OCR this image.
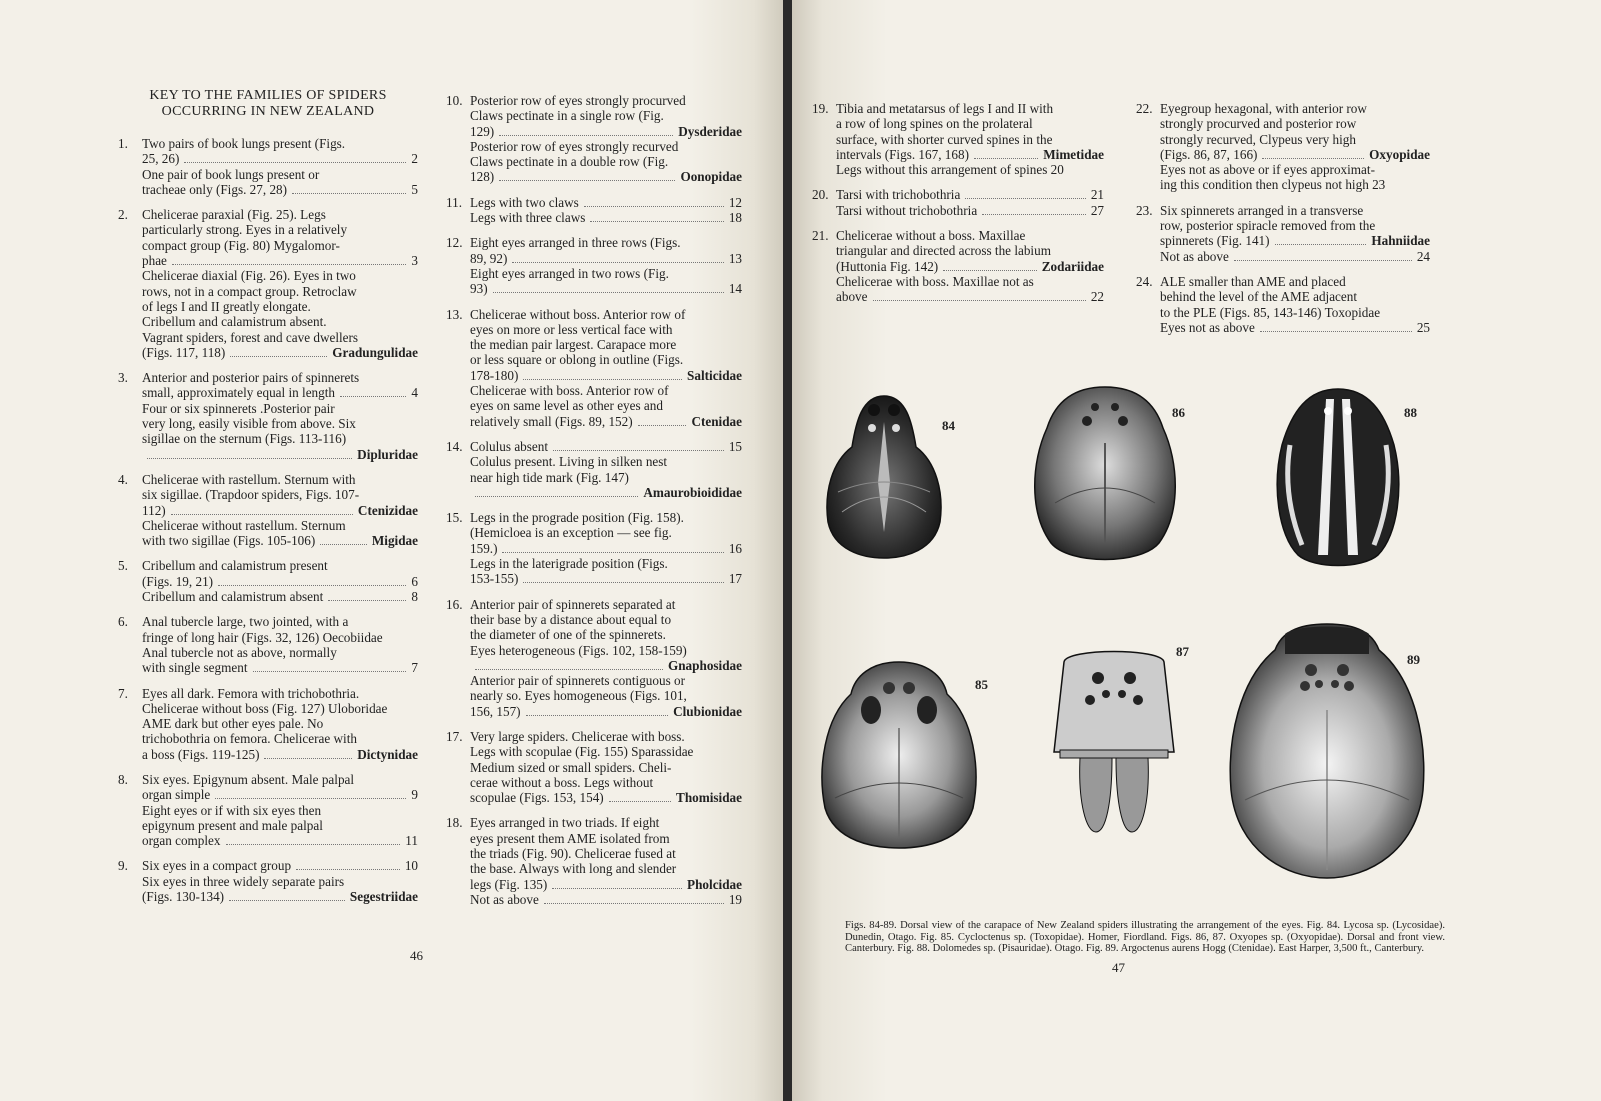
KEY TO THE FAMILIES OF SPIDERS
OCCURRING IN NEW ZEALAND
1. Two pairs of book lungs present (Figs.
25, 26)	2
One pair of book lungs present or
tracheae only (Figs. 27, 28)	5
2. Chelicerae paraxial (Fig. 25). Legs
particularly strong. Eyes in a relatively
compact group (Fig. 80) Mygalomor-
phae	3
Chelicerae diaxial (Fig. 26). Eyes in two
rows, not in a compact group. Retroclaw
of legs I and II greatly elongate.
Cribellum and calamistrum absent.
Vagrant spiders, forest and cave dwellers
(Figs. 117, 118)	Gradungulidae
3. Anterior and posterior pairs of spinnerets
small, approximately equal in length	4
Four or six spinnerets .Posterior pair
very long, easily visible from above. Six
sigillae on the sternum (Figs. 113-116)
Dipluridae
4. Chelicerae with rastellum. Sternum with
six sigillae. (Trapdoor spiders, Figs. 107-
112)	Ctenizidae
Chelicerae without rastellum. Sternum
with two sigillae (Figs. 105-106)	Migidae
5. Cribellum and calamistrum present
(Figs. 19, 21)	6
Cribellum and calamistrum absent	8
6. Anal tubercle large, two jointed, with a
fringe of long hair (Figs. 32, 126) Oecobiidae
Anal tubercle not as above, normally
with single segment	7
7. Eyes all dark. Femora with trichobothria.
Chelicerae without boss (Fig. 127) Uloboridae
AME dark but other eyes pale. No
trichobothria on femora. Chelicerae with
a boss (Figs. 119-125)	Dictynidae
8. Six eyes. Epigynum absent. Male palpal
organ simple	9
Eight eyes or if with six eyes then
epigynum present and male palpal
organ complex	11
9. Six eyes in a compact group	10
Six eyes in three widely separate pairs
(Figs. 130-134)	Segestriidae
10. Posterior row of eyes strongly procurved
Claws pectinate in a single row (Fig.
129)	Dysderidae
Posterior row of eyes strongly recurved
Claws pectinate in a double row (Fig.
128)	Oonopidae
11. Legs with two claws	12
Legs with three claws	18
12. Eight eyes arranged in three rows (Figs.
89, 92)	13
Eight eyes arranged in two rows (Fig.
93)	14
13. Chelicerae without boss. Anterior row of
eyes on more or less vertical face with
the median pair largest. Carapace more
or less square or oblong in outline (Figs.
178-180)	Salticidae
Chelicerae with boss. Anterior row of
eyes on same level as other eyes and
relatively small (Figs. 89, 152)	Ctenidae
14. Colulus absent	15
Colulus present. Living in silken nest
near high tide mark (Fig. 147)
Amaurobioididae
15. Legs in the prograde position (Fig. 158).
(Hemicloea is an exception — see fig.
159.)	16
Legs in the laterigrade position (Figs.
153-155)	17
16. Anterior pair of spinnerets separated at
their base by a distance about equal to
the diameter of one of the spinnerets.
Eyes heterogeneous (Figs. 102, 158-159)
Gnaphosidae
Anterior pair of spinnerets contiguous or
nearly so. Eyes homogeneous (Figs. 101,
156, 157)	Clubionidae
17. Very large spiders. Chelicerae with boss.
Legs with scopulae (Fig. 155) Sparassidae
Medium sized or small spiders. Cheli-
cerae without a boss. Legs without
scopulae (Figs. 153, 154)	Thomisidae
18. Eyes arranged in two triads. If eight
eyes present them AME isolated from
the triads (Fig. 90). Chelicerae fused at
the base. Always with long and slender
legs (Fig. 135)	Pholcidae
Not as above	19
46
19. Tibia and metatarsus of legs I and II with
a row of long spines on the prolateral
surface, with shorter curved spines in the
intervals (Figs. 167, 168)	Mimetidae
Legs without this arrangement of spines 20
20. Tarsi with trichobothria	21
Tarsi without trichobothria	27
21. Chelicerae without a boss. Maxillae
triangular and directed across the labium
(Huttonia Fig. 142)	Zodariidae
Chelicerae with boss. Maxillae not as
above	22
22. Eyegroup hexagonal, with anterior row
strongly procurved and posterior row
strongly recurved, Clypeus very high
(Figs. 86, 87, 166)	Oxyopidae
Eyes not as above or if eyes approximat-
ing this condition then clypeus not high 23
23. Six spinnerets arranged in a transverse
row, posterior spiracle removed from the
spinnerets (Fig. 141)	Hahniidae
Not as above	24
24. ALE smaller than AME and placed
behind the level of the AME adjacent
to the PLE (Figs. 85, 143-146) Toxopidae
Eyes not as above	25
84
86	88
85
87
89
Figs. 84-89. Dorsal view of the carapace of New Zealand spiders illustrating the arrangement of the eyes. Fig. 84. Lycosa sp. (Lycosidae). Dunedin, Otago. Fig. 85. Cycloctenus sp. (Toxopidae). Homer, Fiordland. Figs. 86, 87. Oxyopes sp. (Oxyopidae). Dorsal and front view. Canterbury. Fig. 88. Dolomedes sp. (Pisauridae). Otago. Fig. 89. Argoctenus aurens Hogg (Ctenidae). East Harper, 3,500 ft., Canterbury.
47
